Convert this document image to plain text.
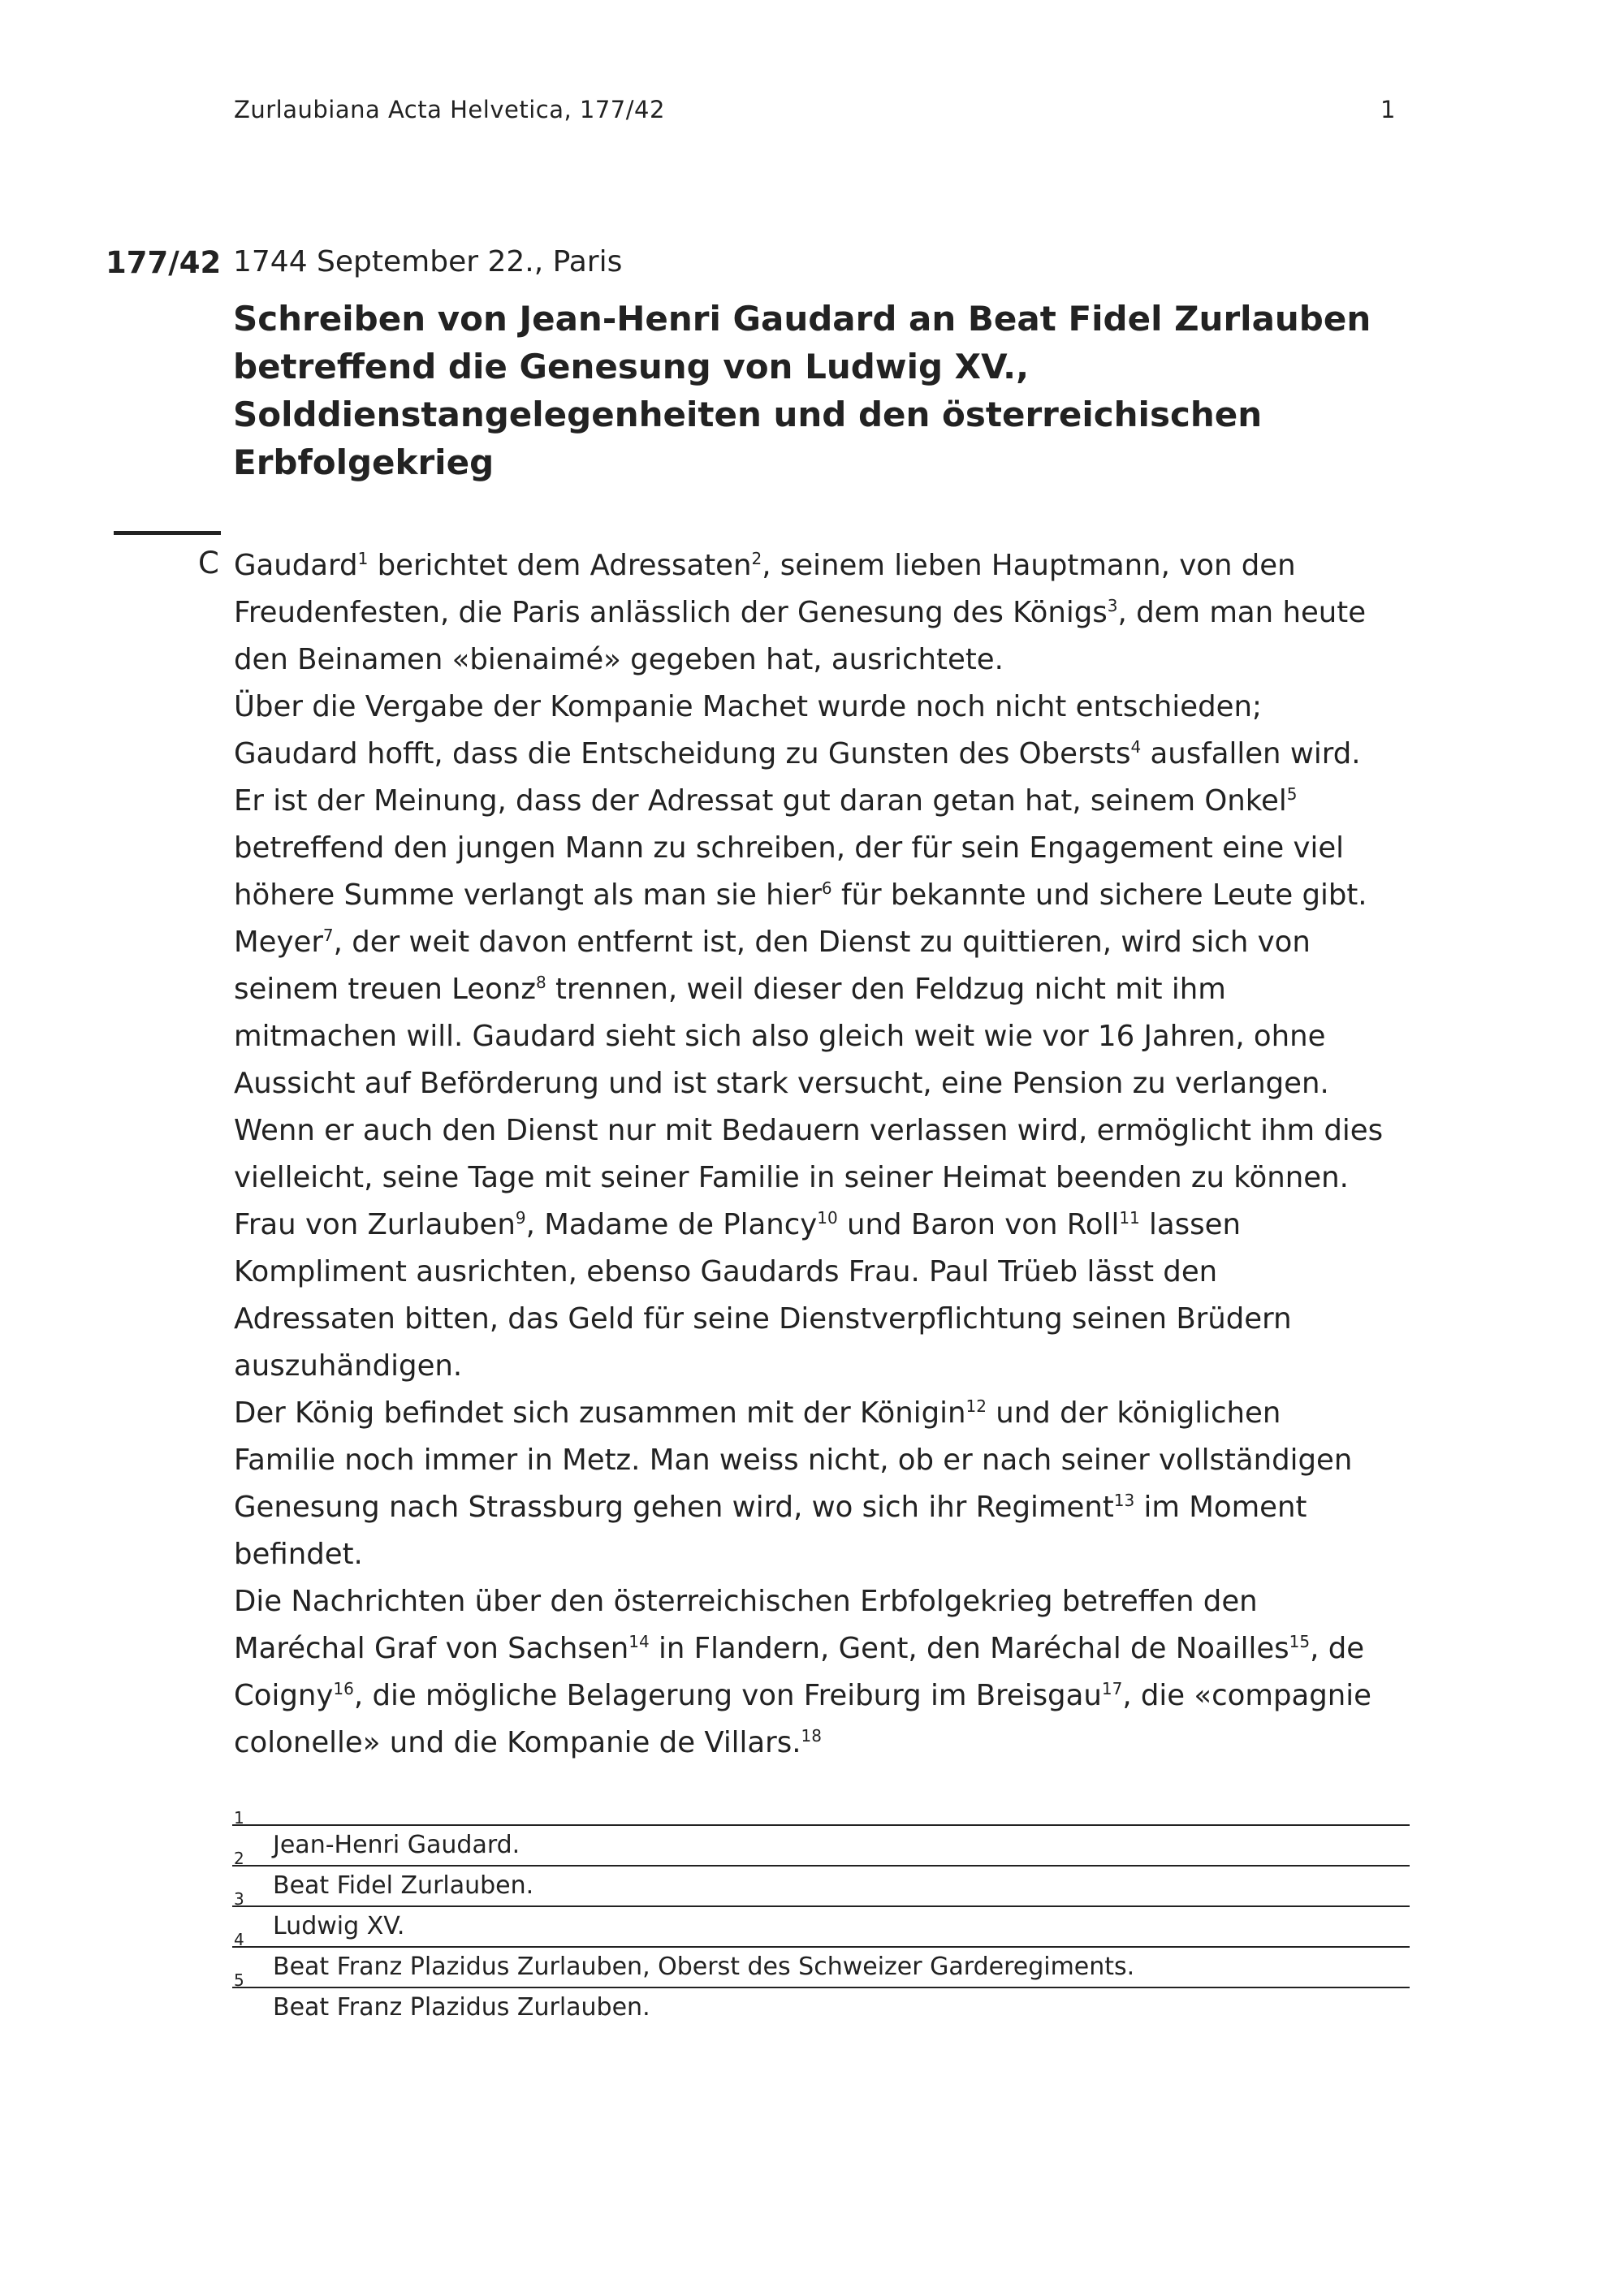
Zurlaubiana Acta Helvetica, 177/42	1
177/42 1744 September 22., Paris
Schreiben von Jean-Henri Gaudard an Beat Fidel Zurlauben
betreffend die Genesung von Ludwig XV.,
Solddienstangelegenheiten und den österreichischen
Erbfolgekrieg
C Gaudard$^1$ berichtet dem Adressaten$^2$, seinem lieben Hauptmann, von den
Freudenfesten, die Paris anlässlich der Genesung des Königs$^3$, dem man heute
den Beinamen «bienaimé» gegeben hat, ausrichtete.
Über die Vergabe der Kompanie Machet wurde noch nicht entschieden;
Gaudard hofft, dass die Entscheidung zu Gunsten des Obersts$^4$ ausfallen wird.
Er ist der Meinung, dass der Adressat gut daran getan hat, seinem Onkel$^5$
betreffend den jungen Mann zu schreiben, der für sein Engagement eine viel
höhere Summe verlangt als man sie hier$^6$ für bekannte und sichere Leute gibt.
Meyer$^7$, der weit davon entfernt ist, den Dienst zu quittieren, wird sich von
seinem treuen Leonz$^8$ trennen, weil dieser den Feldzug nicht mit ihm
mitmachen will. Gaudard sieht sich also gleich weit wie vor 16 Jahren, ohne
Aussicht auf Beförderung und ist stark versucht, eine Pension zu verlangen.
Wenn er auch den Dienst nur mit Bedauern verlassen wird, ermöglicht ihm dies
vielleicht, seine Tage mit seiner Familie in seiner Heimat beenden zu können.
Frau von Zurlauben$^9$, Madame de Plancy$^{10}$ und Baron von Roll$^{11}$ lassen
Kompliment ausrichten, ebenso Gaudards Frau. Paul Trüeb lässt den
Adressaten bitten, das Geld für seine Dienstverpflichtung seinen Brüdern
auszuhändigen.
Der König befindet sich zusammen mit der Königin$^{12}$ und der königlichen
Familie noch immer in Metz. Man weiss nicht, ob er nach seiner vollständigen
Genesung nach Strassburg gehen wird, wo sich ihr Regiment$^{13}$ im Moment
befindet.
Die Nachrichten über den österreichischen Erbfolgekrieg betreffen den
Maréchal Graf von Sachsen$^{14}$ in Flandern, Gent, den Maréchal de Noailles$^{15}$, de
Coigny$^{16}$, die mögliche Belagerung von Freiburg im Breisgau$^{17}$, die «compagnie
colonelle» und die Kompanie de Villars.$^{18}$
1
Jean-Henri Gaudard.
2
Beat Fidel Zurlauben.
3
Ludwig XV.
4
Beat Franz Plazidus Zurlauben, Oberst des Schweizer Garderegiments.
5
Beat Franz Plazidus Zurlauben.
